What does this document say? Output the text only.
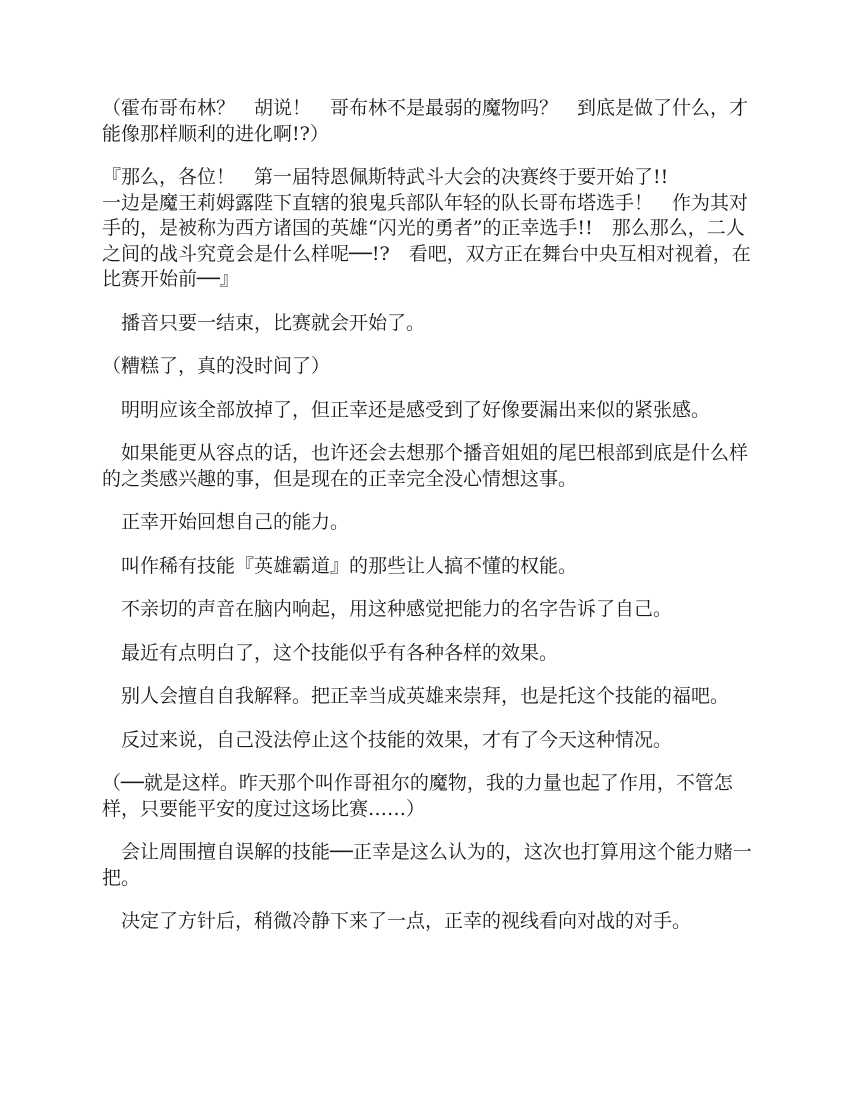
（霍布哥布林？　胡说！　哥布林不是最弱的魔物吗？　到底是做了什么，才能像那样顺利的进化啊!?）

『那么，各位！　第一届特恩佩斯特武斗大会的决赛终于要开始了!!
一边是魔王莉姆露陛下直辖的狼鬼兵部队年轻的队长哥布塔选手！　作为其对手的，是被称为西方诸国的英雄“闪光的勇者”的正幸选手!!　那么那么，二人之间的战斗究竟会是什么样呢──!?　看吧，双方正在舞台中央互相对视着，在比赛开始前──』

　播音只要一结束，比赛就会开始了。

（糟糕了，真的没时间了）

　明明应该全部放掉了，但正幸还是感受到了好像要漏出来似的紧张感。

　如果能更从容点的话，也许还会去想那个播音姐姐的尾巴根部到底是什么样的之类感兴趣的事，但是现在的正幸完全没心情想这事。

　正幸开始回想自己的能力。

　叫作稀有技能『英雄霸道』的那些让人搞不懂的权能。

　不亲切的声音在脑内响起，用这种感觉把能力的名字告诉了自己。

　最近有点明白了，这个技能似乎有各种各样的效果。

　别人会擅自自我解释。把正幸当成英雄来崇拜，也是托这个技能的福吧。

　反过来说，自己没法停止这个技能的效果，才有了今天这种情况。

（──就是这样。昨天那个叫作哥祖尔的魔物，我的力量也起了作用，不管怎样，只要能平安的度过这场比赛……）

　会让周围擅自误解的技能──正幸是这么认为的，这次也打算用这个能力赌一把。

　决定了方针后，稍微冷静下来了一点，正幸的视线看向对战的对手。
